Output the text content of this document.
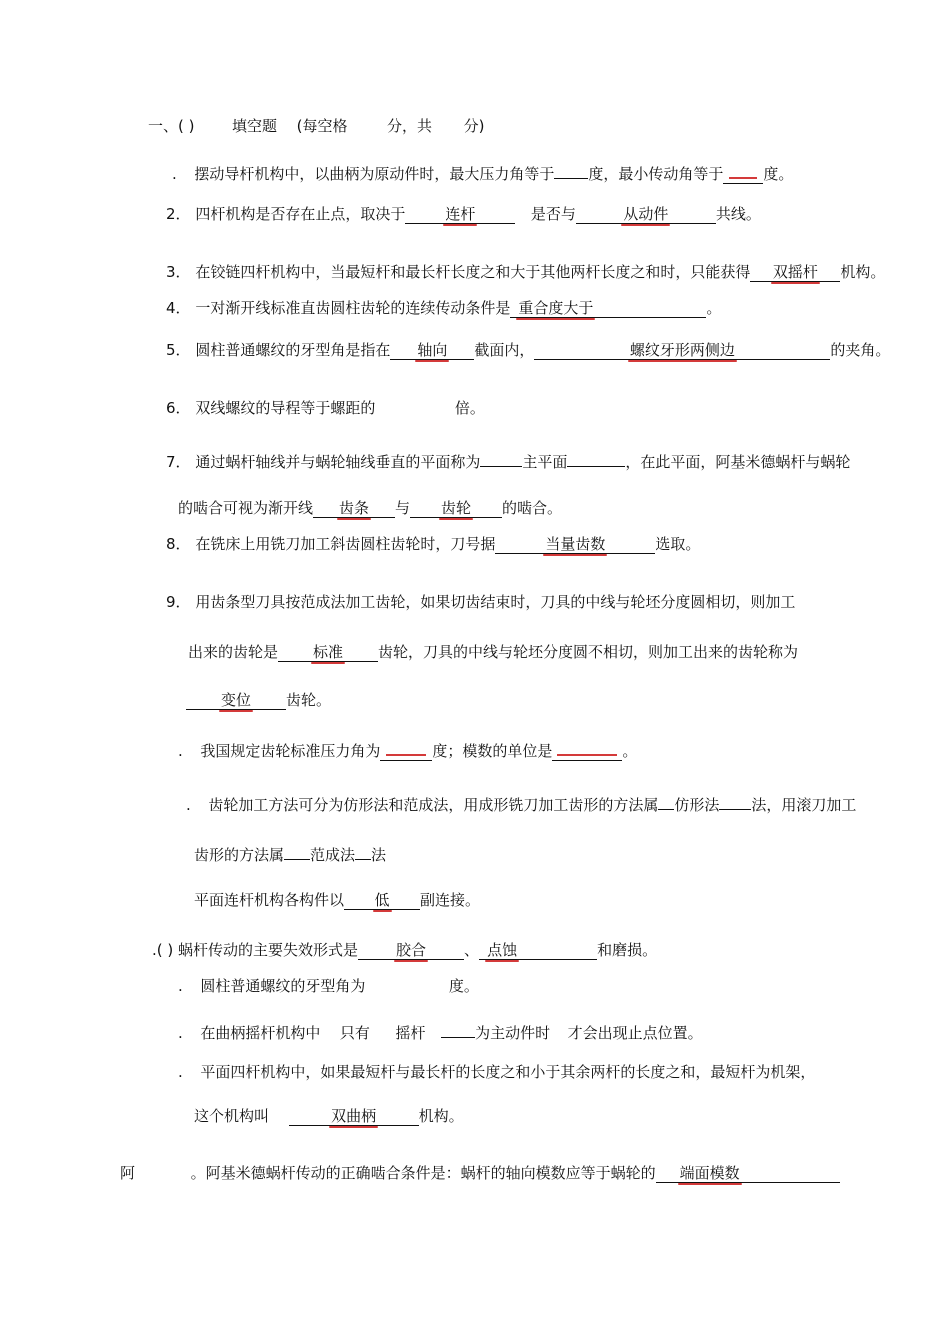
一、( )	填空题 (每空格	分，共 分)
. 摆动导杆机构中，以曲柄为原动件时，最大压力角等于 度，最小传动角等于	度。
2． 四杆机构是否存在止点，取决于	连杆	是否与	从动件	共线。
3． 在铰链四杆机构中，当最短杆和最长杆长度之和大于其他两杆长度之和时，只能获得 双摇杆 机构。
4． 一对渐开线标准直齿圆柱齿轮的连续传动条件是 重合度大于	。
5． 圆柱普通螺纹的牙型角是指在 轴向 截面内，	螺纹牙形两侧边	的夹角。
6． 双线螺纹的导程等于螺距的	倍。
7． 通过蜗杆轴线并与蜗轮轴线垂直的平面称为	主平面	，在此平面，阿基米德蜗杆与蜗轮
的啮合可视为渐开线 齿条 与 齿轮 的啮合。
8． 在铣床上用铣刀加工斜齿圆柱齿轮时，刀号据	当量齿数	选取。
9． 用齿条型刀具按范成法加工齿轮，如果切齿结束时，刀具的中线与轮坯分度圆相切，则加工
出来的齿轮是 标准 齿轮，刀具的中线与轮坯分度圆不相切，则加工出来的齿轮称为
变位 齿轮。
. 我国规定齿轮标准压力角为	度；模数的单位是	。
. 齿轮加工方法可分为仿形法和范成法，用成形铣刀加工齿形的方法属 仿形法 法，用滚刀加工
齿形的方法属 范成法 法
平面连杆机构各构件以 低 副连接。
.( ) 蜗杆传动的主要失效形式是	胶合	、 点蚀	和磨损。
. 圆柱普通螺纹的牙型角为	度。
. 在曲柄摇杆机构中 只有 摇杆	为主动件时 才会出现止点位置。
. 平面四杆机构中，如果最短杆与最长杆的长度之和小于其余两杆的长度之和，最短杆为机架，
这个机构叫	双曲柄	机构。
阿	。阿基米德蜗杆传动的正确啮合条件是：蜗杆的轴向模数应等于蜗轮的 端面模数
